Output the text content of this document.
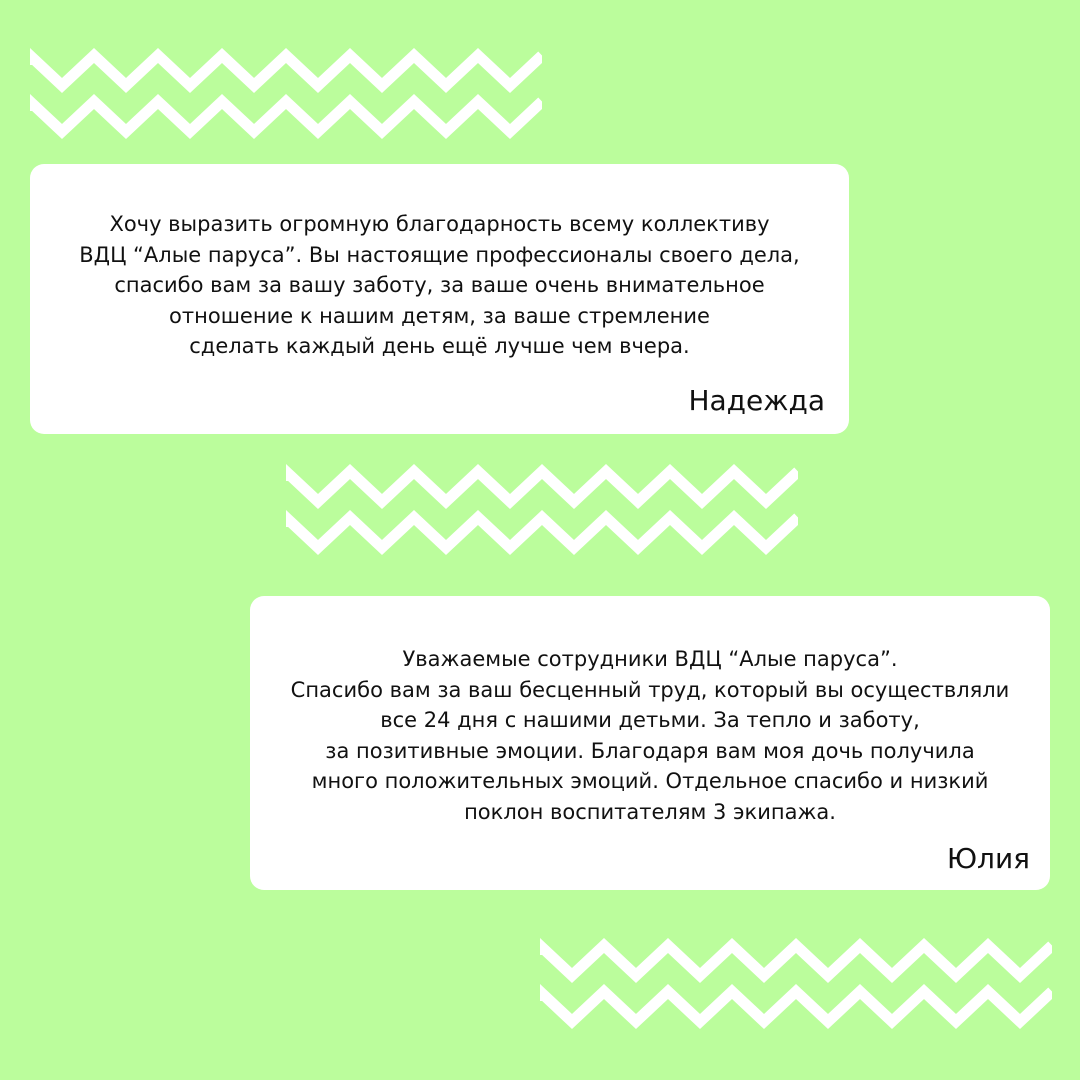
Хочу выразить огромную благодарность всему коллективу
ВДЦ “Алые паруса”. Вы настоящие профессионалы своего дела,
спасибо вам за вашу заботу, за ваше очень внимательное
отношение к нашим детям, за ваше стремление
сделать каждый день ещё лучше чем вчера.
Надежда
Уважаемые сотрудники ВДЦ “Алые паруса”.
Спасибо вам за ваш бесценный труд, который вы осуществляли
все 24 дня с нашими детьми. За тепло и заботу,
за позитивные эмоции. Благодаря вам моя дочь получила
много положительных эмоций. Отдельное спасибо и низкий
поклон воспитателям 3 экипажа.
Юлия
